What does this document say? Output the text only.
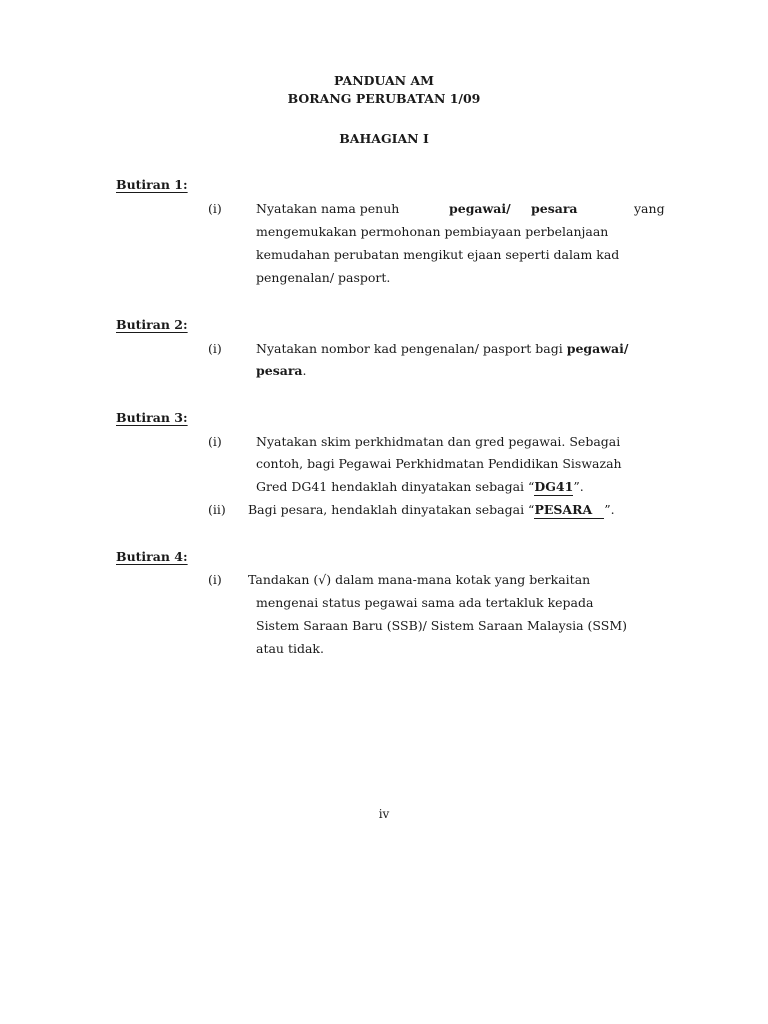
PANDUAN AM
BORANG PERUBATAN 1/09
BAHAGIAN I
Butiran 1:
(i)	Nyatakan nama penuh	pegawai/ pesara	yang
mengemukakan permohonan pembiayaan perbelanjaan
kemudahan perubatan mengikut ejaan seperti dalam kad
pengenalan/ pasport.
Butiran 2:
(i)	Nyatakan nombor kad pengenalan/ pasport bagi pegawai/
pesara.
Butiran 3:
(i)	Nyatakan skim perkhidmatan dan gred pegawai. Sebagai
contoh, bagi Pegawai Perkhidmatan Pendidikan Siswazah
Gred DG41 hendaklah dinyatakan sebagai “DG41”.
(ii) Bagi pesara, hendaklah dinyatakan sebagai “PESARA ”.
Butiran 4:
(i) Tandakan (√) dalam mana-mana kotak yang berkaitan
mengenai status pegawai sama ada tertakluk kepada
Sistem Saraan Baru (SSB)/ Sistem Saraan Malaysia (SSM)
atau tidak.
iv
